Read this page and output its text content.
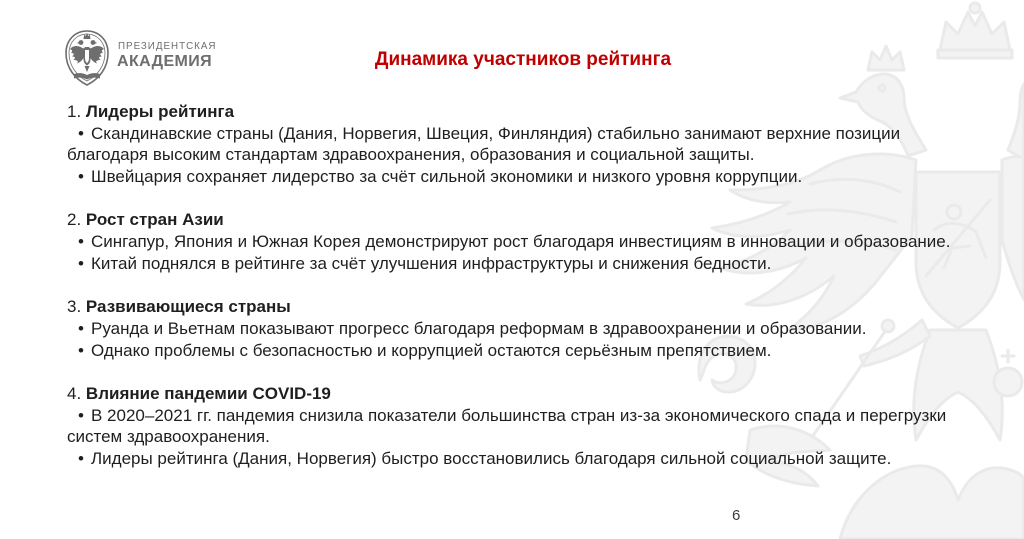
ПРЕЗИДЕНТСКАЯ
АКАДЕМИЯ	Динамика участников рейтинга
1. Лидеры рейтинга
• Скандинавские страны (Дания, Норвегия, Швеция, Финляндия) стабильно занимают верхние позиции
благодаря высоким стандартам здравоохранения, образования и социальной защиты.
• Швейцария сохраняет лидерство за счёт сильной экономики и низкого уровня коррупции.
2. Рост стран Азии
• Сингапур, Япония и Южная Корея демонстрируют рост благодаря инвестициям в инновации и образование.
• Китай поднялся в рейтинге за счёт улучшения инфраструктуры и снижения бедности.
3. Развивающиеся страны
• Руанда и Вьетнам показывают прогресс благодаря реформам в здравоохранении и образовании.
• Однако проблемы с безопасностью и коррупцией остаются серьёзным препятствием.
4. Влияние пандемии COVID-19
• В 2020–2021 гг. пандемия снизила показатели большинства стран из-за экономического спада и перегрузки
систем здравоохранения.
• Лидеры рейтинга (Дания, Норвегия) быстро восстановились благодаря сильной социальной защите.
6
